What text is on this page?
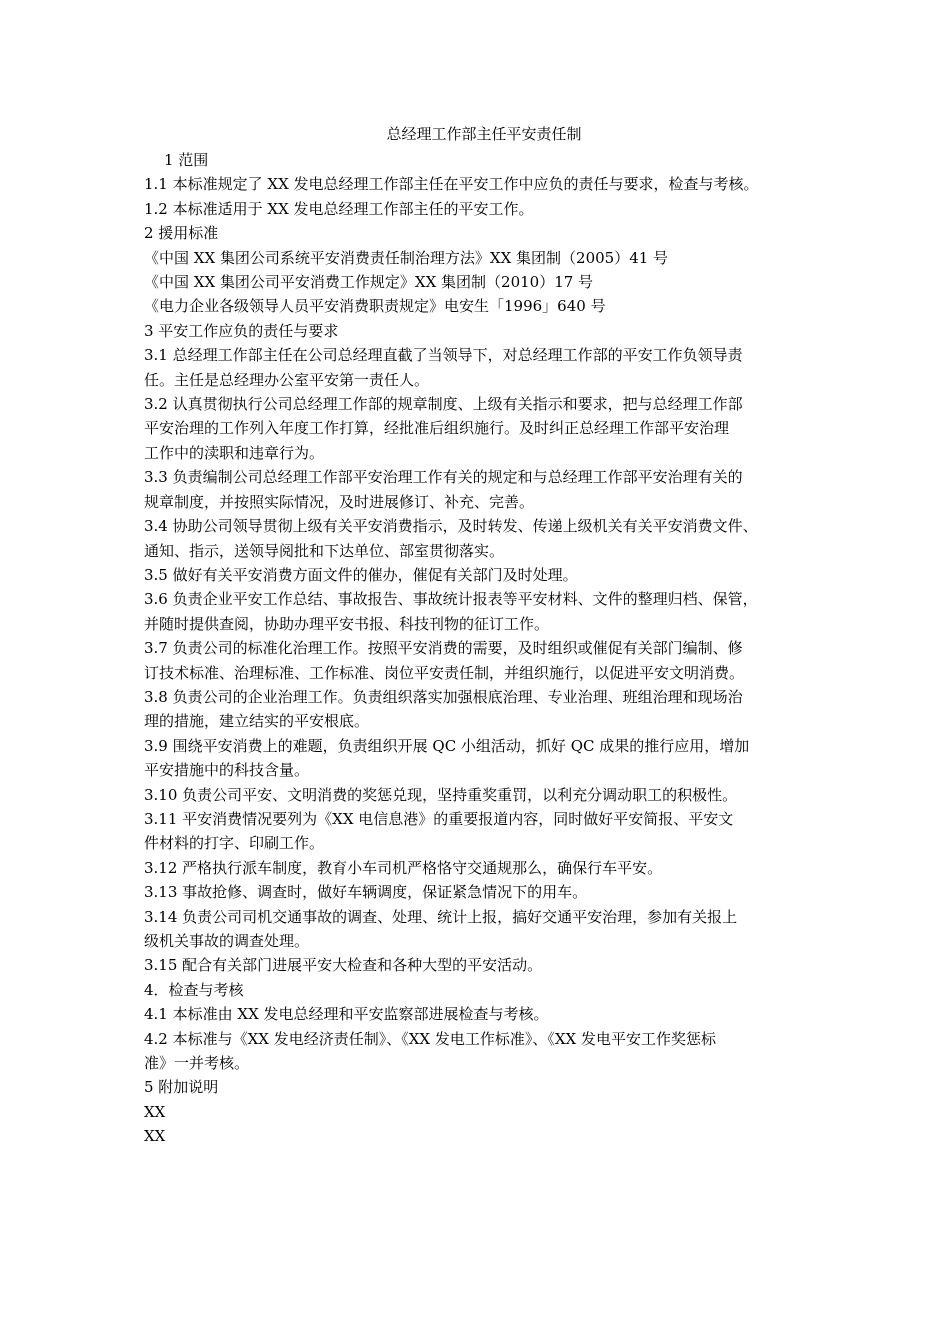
总经理工作部主任平安责任制

1 范围

1.1 本标准规定了 XX 发电总经理工作部主任在平安工作中应负的责任与要求，检查与考核。

1.2 本标准适用于 XX 发电总经理工作部主任的平安工作。

2 援用标准

《中国 XX 集团公司系统平安消费责任制治理方法》XX 集团制（2005）41 号

《中国 XX 集团公司平安消费工作规定》XX 集团制（2010）17 号

《电力企业各级领导人员平安消费职责规定》电安生「1996」640 号

3 平安工作应负的责任与要求

3.1 总经理工作部主任在公司总经理直截了当领导下，对总经理工作部的平安工作负领导责

任。主任是总经理办公室平安第一责任人。

3.2 认真贯彻执行公司总经理工作部的规章制度、上级有关指示和要求，把与总经理工作部

平安治理的工作列入年度工作打算，经批准后组织施行。及时纠正总经理工作部平安治理

工作中的渎职和违章行为。

3.3 负责编制公司总经理工作部平安治理工作有关的规定和与总经理工作部平安治理有关的

规章制度，并按照实际情况，及时进展修订、补充、完善。

3.4 协助公司领导贯彻上级有关平安消费指示，及时转发、传递上级机关有关平安消费文件、

通知、指示，送领导阅批和下达单位、部室贯彻落实。

3.5 做好有关平安消费方面文件的催办，催促有关部门及时处理。

3.6 负责企业平安工作总结、事故报告、事故统计报表等平安材料、文件的整理归档、保管，

并随时提供查阅，协助办理平安书报、科技刊物的征订工作。

3.7 负责公司的标准化治理工作。按照平安消费的需要，及时组织或催促有关部门编制、修

订技术标准、治理标准、工作标准、岗位平安责任制，并组织施行，以促进平安文明消费。

3.8 负责公司的企业治理工作。负责组织落实加强根底治理、专业治理、班组治理和现场治

理的措施，建立结实的平安根底。

3.9 围绕平安消费上的难题，负责组织开展 QC 小组活动，抓好 QC 成果的推行应用，增加

平安措施中的科技含量。

3.10 负责公司平安、文明消费的奖惩兑现，坚持重奖重罚，以利充分调动职工的积极性。

3.11 平安消费情况要列为《XX 电信息港》的重要报道内容，同时做好平安简报、平安文

件材料的打字、印刷工作。

3.12 严格执行派车制度，教育小车司机严格恪守交通规那么，确保行车平安。

3.13 事故抢修、调查时，做好车辆调度，保证紧急情况下的用车。

3.14 负责公司司机交通事故的调查、处理、统计上报，搞好交通平安治理，参加有关报上

级机关事故的调查处理。

3.15 配合有关部门进展平安大检查和各种大型的平安活动。

4．检查与考核

4.1 本标准由 XX 发电总经理和平安监察部进展检查与考核。

4.2 本标准与《XX 发电经济责任制》、《XX 发电工作标准》、《XX 发电平安工作奖惩标

准》一并考核。

5 附加说明

XX

XX
